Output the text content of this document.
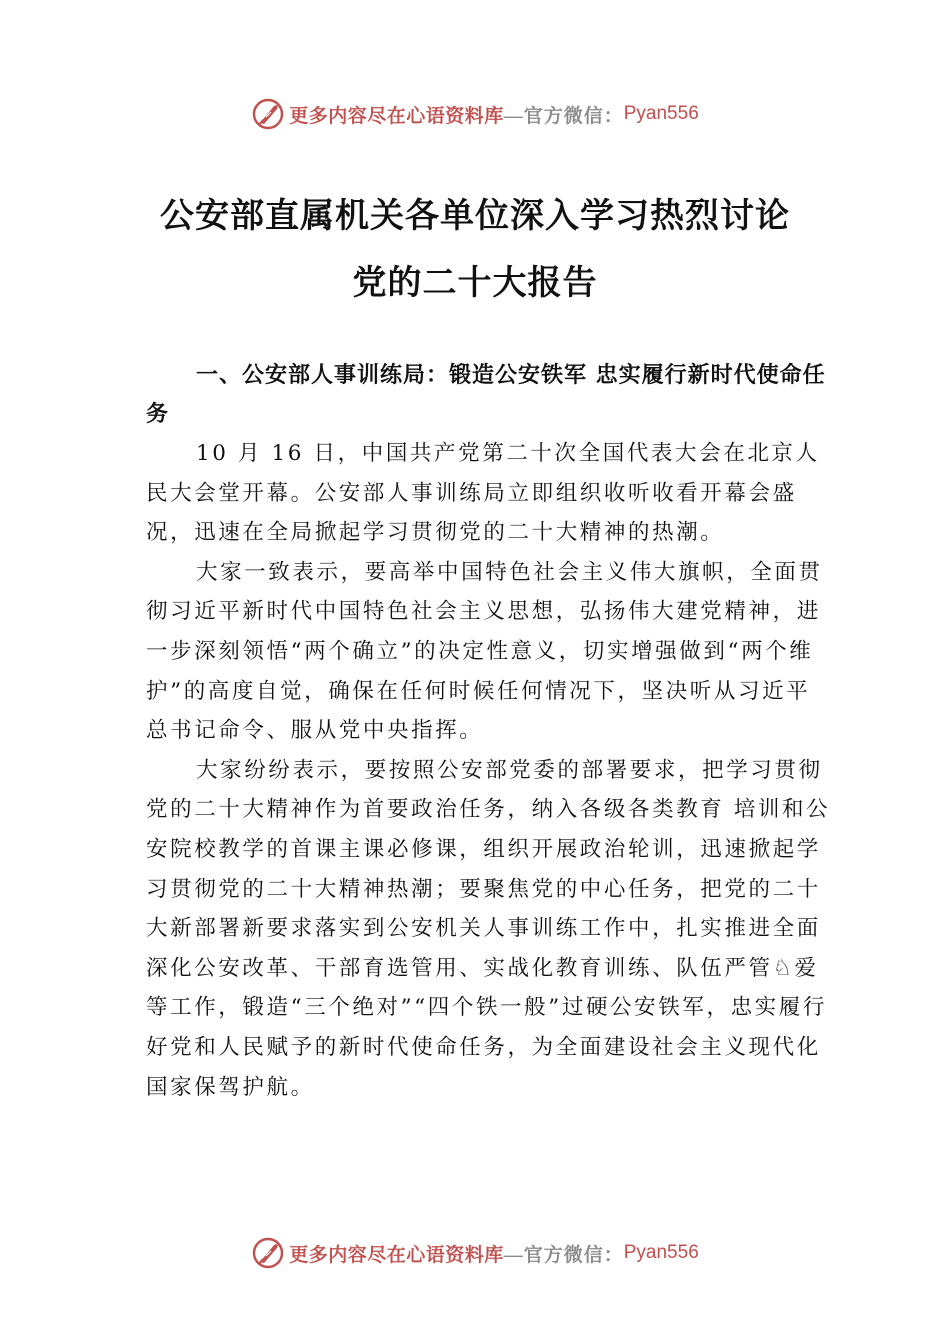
更多内容尽在心语资料库 —官方微信： Pyan556
公安部直属机关各单位深入学习热烈讨论
党的二十大报告

一、公安部人事训练局：锻造公安铁军 忠实履行新时代使命任务

10 月 16 日，中国共产党第二十次全国代表大会在北京人民大会堂开幕。公安部人事训练局立即组织收听收看开幕会盛况，迅速在全局掀起学习贯彻党的二十大精神的热潮。

大家一致表示，要高举中国特色社会主义伟大旗帜，全面贯彻习近平新时代中国特色社会主义思想，弘扬伟大建党精神，进一步深刻领悟“两个确立”的决定性意义，切实增强做到“两个维护”的高度自觉，确保在任何时候任何情况下，坚决听从习近平总书记命令、服从党中央指挥。

大家纷纷表示，要按照公安部党委的部署要求，把学习贯彻党的二十大精神作为首要政治任务，纳入各级各类教育 培训和公安院校教学的首课主课必修课，组织开展政治轮训，迅速掀起学习贯彻党的二十大精神热潮；要聚焦党的中心任务，把党的二十大新部署新要求落实到公安机关人事训练工作中，扎实推进全面深化公安改革、干部育选管用、实战化教育训练、队伍严管♘爱等工作，锻造“三个绝对”“四个铁一般”过硬公安铁军，忠实履行好党和人民赋予的新时代使命任务，为全面建设社会主义现代化国家保驾护航。

更多内容尽在心语资料库 —官方微信： Pyan556
